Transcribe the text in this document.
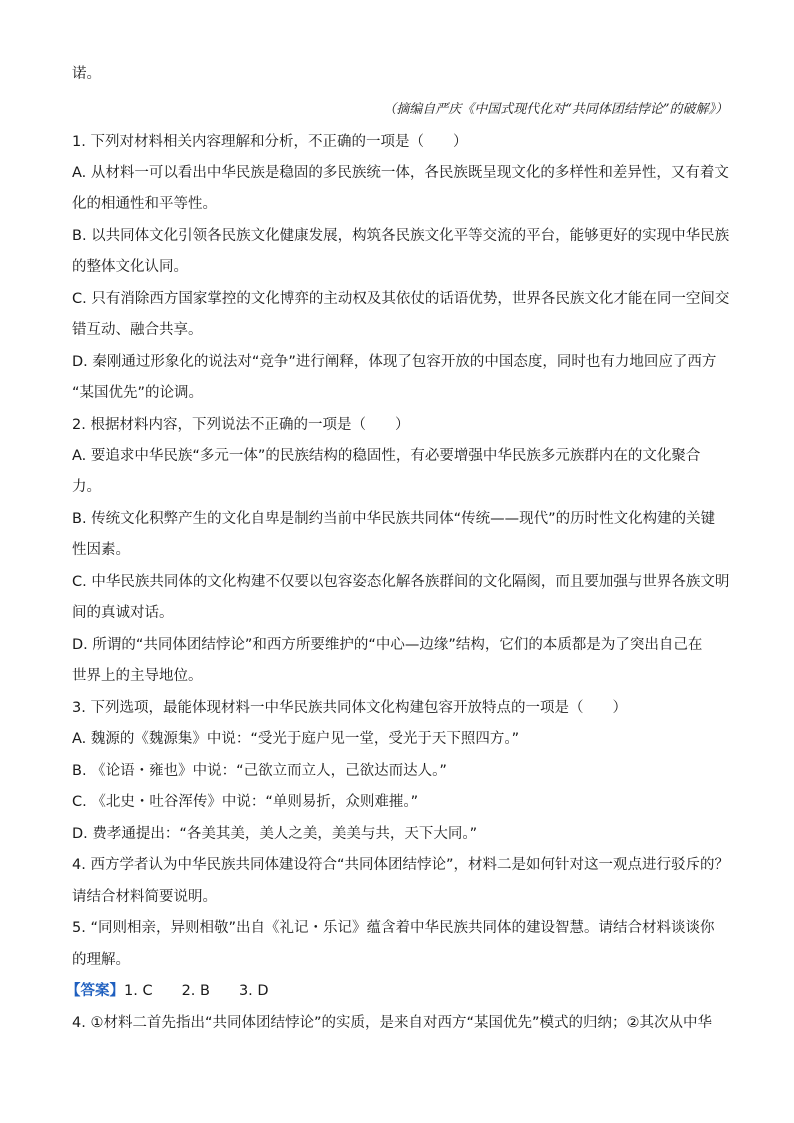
诺。
（摘编自严庆《中国式现代化对“共同体团结悖论”的破解》）
1. 下列对材料相关内容理解和分析，不正确的一项是（　　）
A. 从材料一可以看出中华民族是稳固的多民族统一体，各民族既呈现文化的多样性和差异性，又有着文
化的相通性和平等性。
B. 以共同体文化引领各民族文化健康发展，构筑各民族文化平等交流的平台，能够更好的实现中华民族
的整体文化认同。
C. 只有消除西方国家掌控的文化博弈的主动权及其依仗的话语优势，世界各民族文化才能在同一空间交
错互动、融合共享。
D. 秦刚通过形象化的说法对“竞争”进行阐释，体现了包容开放的中国态度，同时也有力地回应了西方
“某国优先”的论调。
2. 根据材料内容，下列说法不正确的一项是（　　）
A. 要追求中华民族“多元一体”的民族结构的稳固性，有必要增强中华民族多元族群内在的文化聚合
力。
B. 传统文化积弊产生的文化自卑是制约当前中华民族共同体“传统——现代”的历时性文化构建的关键
性因素。
C. 中华民族共同体的文化构建不仅要以包容姿态化解各族群间的文化隔阂，而且要加强与世界各族文明
间的真诚对话。
D. 所谓的“共同体团结悖论”和西方所要维护的“中心—边缘”结构，它们的本质都是为了突出自己在
世界上的主导地位。
3. 下列选项，最能体现材料一中华民族共同体文化构建包容开放特点的一项是（　　）
A. 魏源的《魏源集》中说：“受光于庭户见一堂，受光于天下照四方。”
B. 《论语・雍也》中说：“己欲立而立人，己欲达而达人。”
C. 《北史・吐谷浑传》中说：“单则易折，众则难摧。”
D. 费孝通提出：“各美其美，美人之美，美美与共，天下大同。”
4. 西方学者认为中华民族共同体建设符合“共同体团结悖论”，材料二是如何针对这一观点进行驳斥的？
请结合材料简要说明。
5. “同则相亲，异则相敬”出自《礼记・乐记》蕴含着中华民族共同体的建设智慧。请结合材料谈谈你
的理解。
【答案】1. C　　2. B　　3. D
4. ①材料二首先指出“共同体团结悖论”的实质，是来自对西方“某国优先”模式的归纳；②其次从中华
